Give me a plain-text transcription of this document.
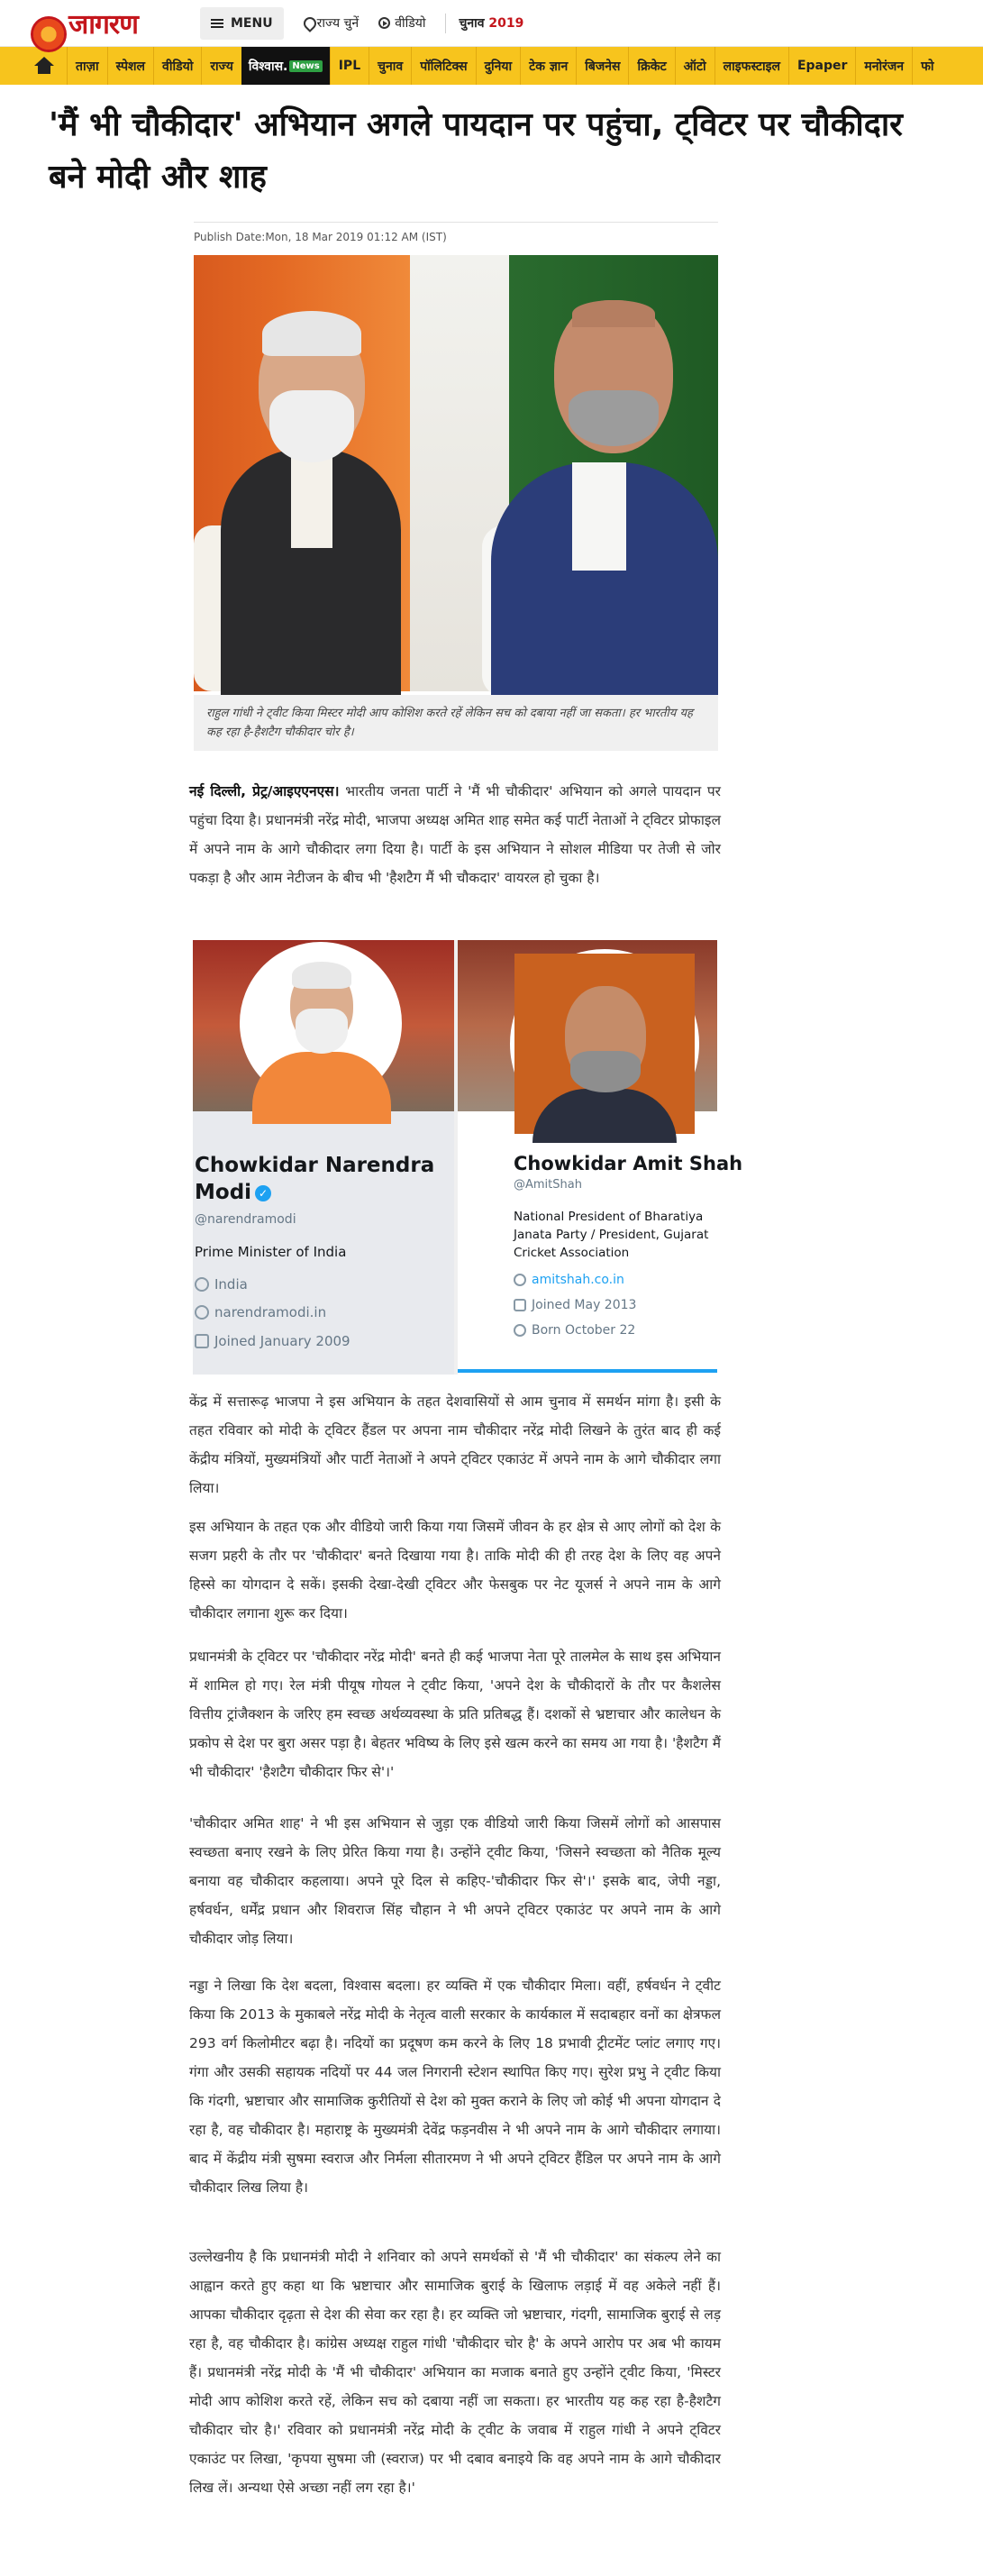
जागरण	MENU	राज्य चुनें	वीडियो	चुनाव 2019
ताज़ा	स्पेशल	वीडियो	राज्य	विश्वास. News	IPL	चुनाव	पॉलिटिक्स	दुनिया	टेक ज्ञान	बिजनेस	क्रिकेट	ऑटो	लाइफस्टाइल	Epaper	मनोरंजन	फो
'मैं भी चौकीदार' अभियान अगले पायदान पर पहुंचा, ट्विटर पर चौकीदार बने मोदी और शाह
Publish Date:Mon, 18 Mar 2019 01:12 AM (IST)
राहुल गांधी ने ट्वीट किया मिस्टर मोदी आप कोशिश करते रहें लेकिन सच को दबाया नहीं जा सकता। हर भारतीय यह कह रहा है-हैशटैग चौकीदार चोर है।

नई दिल्ली, प्रेट्र/आइएएनएस। भारतीय जनता पार्टी ने 'मैं भी चौकीदार' अभियान को अगले पायदान पर पहुंचा दिया है। प्रधानमंत्री नरेंद्र मोदी, भाजपा अध्यक्ष अमित शाह समेत कई पार्टी नेताओं ने ट्विटर प्रोफाइल में अपने नाम के आगे चौकीदार लगा दिया है। पार्टी के इस अभियान ने सोशल मीडिया पर तेजी से जोर पकड़ा है और आम नेटीजन के बीच भी 'हैशटैग मैं भी चौकदार' वायरल हो चुका है।

Chowkidar Narendra Modi ✓
@narendramodi
Prime Minister of India
India
narendramodi.in
Joined January 2009
Chowkidar Amit Shah
@AmitShah
National President of Bharatiya Janata Party / President, Gujarat Cricket Association
amitshah.co.in
Joined May 2013
Born October 22

केंद्र में सत्तारूढ़ भाजपा ने इस अभियान के तहत देशवासियों से आम चुनाव में समर्थन मांगा है। इसी के तहत रविवार को मोदी के ट्विटर हैंडल पर अपना नाम चौकीदार नरेंद्र मोदी लिखने के तुरंत बाद ही कई केंद्रीय मंत्रियों, मुख्यमंत्रियों और पार्टी नेताओं ने अपने ट्विटर एकाउंट में अपने नाम के आगे चौकीदार लगा लिया।

इस अभियान के तहत एक और वीडियो जारी किया गया जिसमें जीवन के हर क्षेत्र से आए लोगों को देश के सजग प्रहरी के तौर पर 'चौकीदार' बनते दिखाया गया है। ताकि मोदी की ही तरह देश के लिए वह अपने हिस्से का योगदान दे सकें। इसकी देखा-देखी ट्विटर और फेसबुक पर नेट यूजर्स ने अपने नाम के आगे चौकीदार लगाना शुरू कर दिया।

प्रधानमंत्री के ट्विटर पर 'चौकीदार नरेंद्र मोदी' बनते ही कई भाजपा नेता पूरे तालमेल के साथ इस अभियान में शामिल हो गए। रेल मंत्री पीयूष गोयल ने ट्वीट किया, 'अपने देश के चौकीदारों के तौर पर कैशलेस वित्तीय ट्रांजैक्शन के जरिए हम स्वच्छ अर्थव्यवस्था के प्रति प्रतिबद्ध हैं। दशकों से भ्रष्टाचार और कालेधन के प्रकोप से देश पर बुरा असर पड़ा है। बेहतर भविष्य के लिए इसे खत्म करने का समय आ गया है। 'हैशटैग मैं भी चौकीदार' 'हैशटैग चौकीदार फिर से'।'

'चौकीदार अमित शाह' ने भी इस अभियान से जुड़ा एक वीडियो जारी किया जिसमें लोगों को आसपास स्वच्छता बनाए रखने के लिए प्रेरित किया गया है। उन्होंने ट्वीट किया, 'जिसने स्वच्छता को नैतिक मूल्य बनाया वह चौकीदार कहलाया। अपने पूरे दिल से कहिए-'चौकीदार फिर से'।' इसके बाद, जेपी नड्डा, हर्षवर्धन, धर्मेंद्र प्रधान और शिवराज सिंह चौहान ने भी अपने ट्विटर एकाउंट पर अपने नाम के आगे चौकीदार जोड़ लिया।

नड्डा ने लिखा कि देश बदला, विश्वास बदला। हर व्यक्ति में एक चौकीदार मिला। वहीं, हर्षवर्धन ने ट्वीट किया कि 2013 के मुकाबले नरेंद्र मोदी के नेतृत्व वाली सरकार के कार्यकाल में सदाबहार वनों का क्षेत्रफल 293 वर्ग किलोमीटर बढ़ा है। नदियों का प्रदूषण कम करने के लिए 18 प्रभावी ट्रीटमेंट प्लांट लगाए गए। गंगा और उसकी सहायक नदियों पर 44 जल निगरानी स्टेशन स्थापित किए गए। सुरेश प्रभु ने ट्वीट किया कि गंदगी, भ्रष्टाचार और सामाजिक कुरीतियों से देश को मुक्त कराने के लिए जो कोई भी अपना योगदान दे रहा है, वह चौकीदार है। महाराष्ट्र के मुख्यमंत्री देवेंद्र फड़नवीस ने भी अपने नाम के आगे चौकीदार लगाया। बाद में केंद्रीय मंत्री सुषमा स्वराज और निर्मला सीतारमण ने भी अपने ट्विटर हैंडिल पर अपने नाम के आगे चौकीदार लिख लिया है।

उल्लेखनीय है कि प्रधानमंत्री मोदी ने शनिवार को अपने समर्थकों से 'मैं भी चौकीदार' का संकल्प लेने का आह्वान करते हुए कहा था कि भ्रष्टाचार और सामाजिक बुराई के खिलाफ लड़ाई में वह अकेले नहीं हैं। आपका चौकीदार दृढ़ता से देश की सेवा कर रहा है। हर व्यक्ति जो भ्रष्टाचार, गंदगी, सामाजिक बुराई से लड़ रहा है, वह चौकीदार है। कांग्रेस अध्यक्ष राहुल गांधी 'चौकीदार चोर है' के अपने आरोप पर अब भी कायम हैं। प्रधानमंत्री नरेंद्र मोदी के 'मैं भी चौकीदार' अभियान का मजाक बनाते हुए उन्होंने ट्वीट किया, 'मिस्टर मोदी आप कोशिश करते रहें, लेकिन सच को दबाया नहीं जा सकता। हर भारतीय यह कह रहा है-हैशटैग चौकीदार चोर है।' रविवार को प्रधानमंत्री नरेंद्र मोदी के ट्वीट के जवाब में राहुल गांधी ने अपने ट्विटर एकाउंट पर लिखा, 'कृपया सुषमा जी (स्वराज) पर भी दबाव बनाइये कि वह अपने नाम के आगे चौकीदार लिख लें। अन्यथा ऐसे अच्छा नहीं लग रहा है।'
